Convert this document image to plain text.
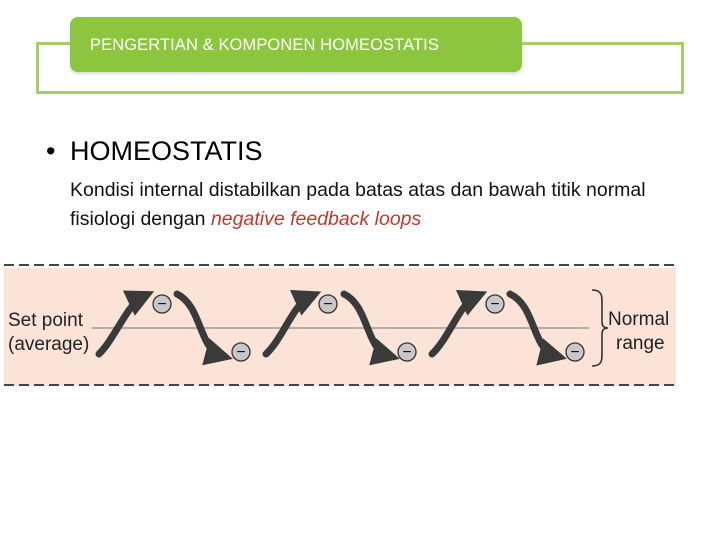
PENGERTIAN & KOMPONEN HOMEOSTATIS
• HOMEOSTATIS
Kondisi internal distabilkan pada batas atas dan bawah titik normal fisiologi dengan negative feedback loops
Set point
(average)
−
−
−
−
−
−
Normal
range
